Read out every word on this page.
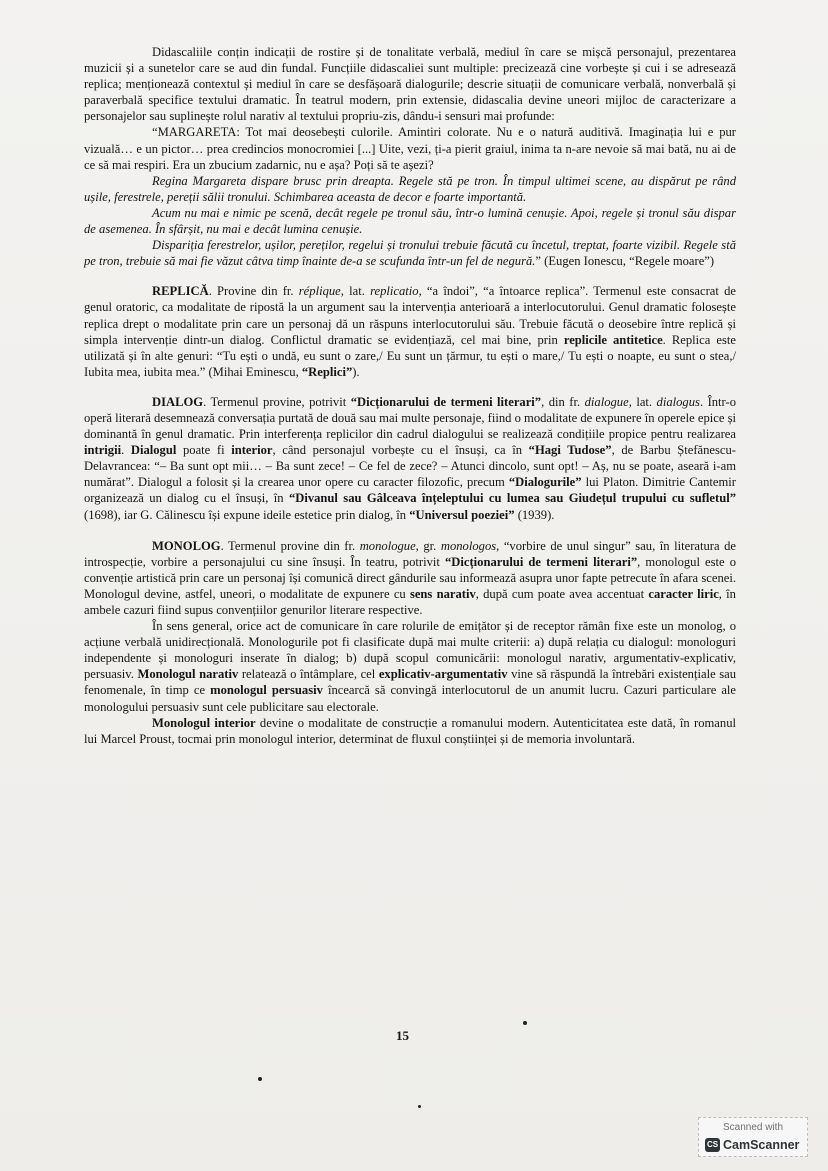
Didascaliile conțin indicații de rostire și de tonalitate verbală, mediul în care se mișcă personajul, prezentarea muzicii și a sunetelor care se aud din fundal. Funcțiile didascaliei sunt multiple: precizează cine vorbește și cui i se adresează replica; menționează contextul și mediul în care se desfășoară dialogurile; descrie situații de comunicare verbală, nonverbală și paraverbală specifice textului dramatic. În teatrul modern, prin extensie, didascalia devine uneori mijloc de caracterizare a personajelor sau suplinește rolul narativ al textului propriu-zis, dându-i sensuri mai profunde:

“MARGARETA: Tot mai deosebești culorile. Amintiri colorate. Nu e o natură auditivă. Imaginația lui e pur vizuală… e un pictor… prea credincios monocromiei [...] Uite, vezi, ți-a pierit graiul, inima ta n-are nevoie să mai bată, nu ai de ce să mai respiri. Era un zbucium zadarnic, nu e așa? Poți să te așezi?

Regina Margareta dispare brusc prin dreapta. Regele stă pe tron. În timpul ultimei scene, au dispărut pe rând ușile, ferestrele, pereții sălii tronului. Schimbarea aceasta de decor e foarte importantă.

Acum nu mai e nimic pe scenă, decât regele pe tronul său, într-o lumină cenușie. Apoi, regele și tronul său dispar de asemenea. În sfârșit, nu mai e decât lumina cenușie.

Dispariția ferestrelor, ușilor, pereților, regelui și tronului trebuie făcută cu încetul, treptat, foarte vizibil. Regele stă pe tron, trebuie să mai fie văzut câtva timp înainte de-a se scufunda într-un fel de negură.” (Eugen Ionescu, “Regele moare”)

REPLICĂ. Provine din fr. réplique, lat. replicatio, “a îndoi”, “a întoarce replica”. Termenul este consacrat de genul oratoric, ca modalitate de ripostă la un argument sau la intervenția anterioară a interlocutorului. Genul dramatic folosește replica drept o modalitate prin care un personaj dă un răspuns interlocutorului său. Trebuie făcută o deosebire între replică și simpla intervenție dintr-un dialog. Conflictul dramatic se evidențiază, cel mai bine, prin replicile antitetice. Replica este utilizată și în alte genuri: “Tu ești o undă, eu sunt o zare,/ Eu sunt un țărmur, tu ești o mare,/ Tu ești o noapte, eu sunt o stea,/ Iubita mea, iubita mea.” (Mihai Eminescu, “Replici”).

DIALOG. Termenul provine, potrivit “Dicționarului de termeni literari”, din fr. dialogue, lat. dialogus. Într-o operă literară desemnează conversația purtată de două sau mai multe personaje, fiind o modalitate de expunere în operele epice și dominantă în genul dramatic. Prin interferența replicilor din cadrul dialogului se realizează condițiile propice pentru realizarea intrigii. Dialogul poate fi interior, când personajul vorbește cu el însuși, ca în “Hagi Tudose”, de Barbu Ștefănescu-Delavrancea: “– Ba sunt opt mii… – Ba sunt zece! – Ce fel de zece? – Atunci dincolo, sunt opt! – Aș, nu se poate, aseară i-am numărat”. Dialogul a folosit și la crearea unor opere cu caracter filozofic, precum “Dialogurile” lui Platon. Dimitrie Cantemir organizează un dialog cu el însuși, în “Divanul sau Gâlceava înțeleptului cu lumea sau Giudețul trupului cu sufletul” (1698), iar G. Călinescu își expune ideile estetice prin dialog, în “Universul poeziei” (1939).

MONOLOG. Termenul provine din fr. monologue, gr. monologos, “vorbire de unul singur” sau, în literatura de introspecție, vorbire a personajului cu sine însuși. În teatru, potrivit “Dicționarului de termeni literari”, monologul este o convenție artistică prin care un personaj își comunică direct gândurile sau informează asupra unor fapte petrecute în afara scenei. Monologul devine, astfel, uneori, o modalitate de expunere cu sens narativ, după cum poate avea accentuat caracter liric, în ambele cazuri fiind supus convențiilor genurilor literare respective.

În sens general, orice act de comunicare în care rolurile de emițător și de receptor rămân fixe este un monolog, o acțiune verbală unidirecțională. Monologurile pot fi clasificate după mai multe criterii: a) după relația cu dialogul: monologuri independente și monologuri inserate în dialog; b) după scopul comunicării: monologul narativ, argumentativ-explicativ, persuasiv. Monologul narativ relatează o întâmplare, cel explicativ-argumentativ vine să răspundă la întrebări existențiale sau fenomenale, în timp ce monologul persuasiv încearcă să convingă interlocutorul de un anumit lucru. Cazuri particulare ale monologului persuasiv sunt cele publicitare sau electorale.

Monologul interior devine o modalitate de construcție a romanului modern. Autenticitatea este dată, în romanul lui Marcel Proust, tocmai prin monologul interior, determinat de fluxul conștiinței și de memoria involuntară.

15
Scanned with
CS CamScanner
